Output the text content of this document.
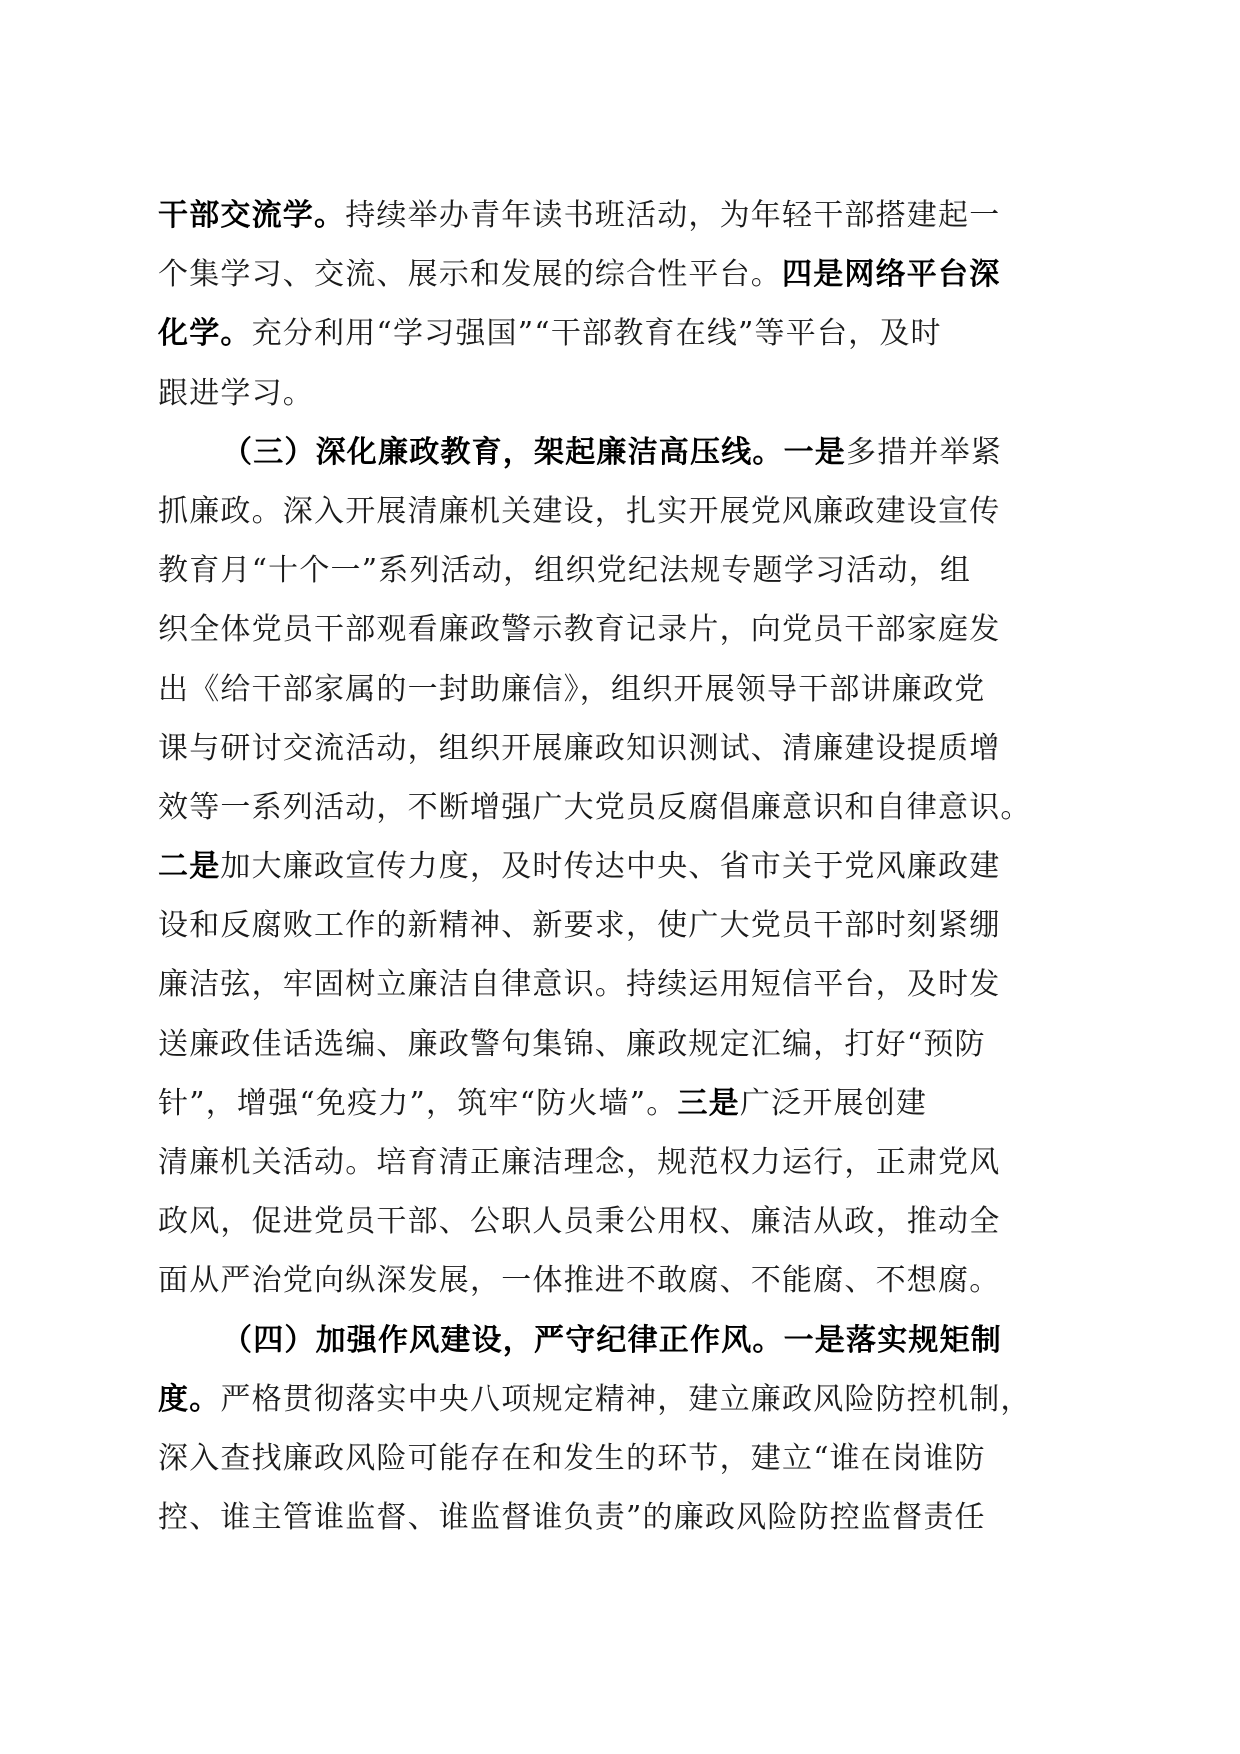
干部交流学。持续举办青年读书班活动，为年轻干部搭建起一
个集学习、交流、展示和发展的综合性平台。四是网络平台深
化学。充分利用“学习强国”“干部教育在线”等平台，及时
跟进学习。
（三）深化廉政教育，架起廉洁高压线。一是多措并举紧
抓廉政。深入开展清廉机关建设，扎实开展党风廉政建设宣传
教育月“十个一”系列活动，组织党纪法规专题学习活动，组
织全体党员干部观看廉政警示教育记录片，向党员干部家庭发
出《给干部家属的一封助廉信》，组织开展领导干部讲廉政党
课与研讨交流活动，组织开展廉政知识测试、清廉建设提质增
效等一系列活动，不断增强广大党员反腐倡廉意识和自律意识。
二是加大廉政宣传力度，及时传达中央、省市关于党风廉政建
设和反腐败工作的新精神、新要求，使广大党员干部时刻紧绷
廉洁弦，牢固树立廉洁自律意识。持续运用短信平台，及时发
送廉政佳话选编、廉政警句集锦、廉政规定汇编，打好“预防
针”，增强“免疫力”，筑牢“防火墙”。三是广泛开展创建
清廉机关活动。培育清正廉洁理念，规范权力运行，正肃党风
政风，促进党员干部、公职人员秉公用权、廉洁从政，推动全
面从严治党向纵深发展，一体推进不敢腐、不能腐、不想腐。
（四）加强作风建设，严守纪律正作风。一是落实规矩制
度。严格贯彻落实中央八项规定精神，建立廉政风险防控机制，
深入查找廉政风险可能存在和发生的环节，建立“谁在岗谁防
控、谁主管谁监督、谁监督谁负责”的廉政风险防控监督责任
